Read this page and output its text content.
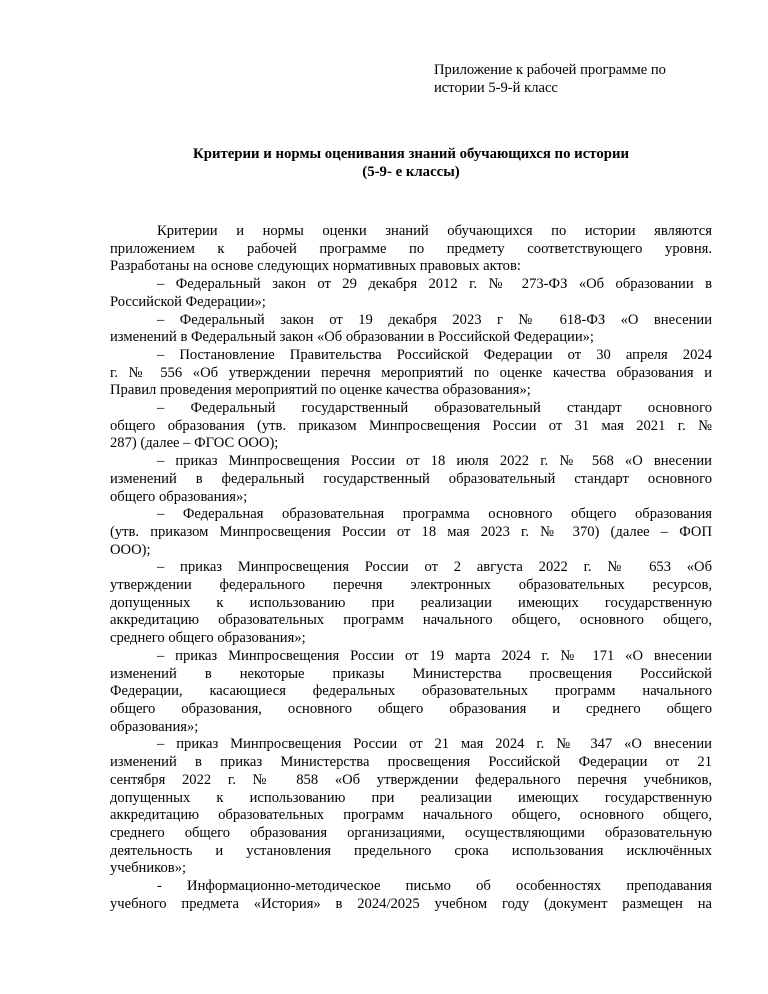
Приложение к рабочей программе по
истории 5-9-й класс
Критерии и нормы оценивания знаний обучающихся по истории
(5-9- е классы)
Критерии и нормы оценки знаний обучающихся по истории являются
приложением к рабочей программе по предмету соответствующего уровня.
Разработаны на основе следующих нормативных правовых актов:
– Федеральный закон от 29 декабря 2012 г. № 273-ФЗ «Об образовании в
Российской Федерации»;
– Федеральный закон от 19 декабря 2023 г № 618-ФЗ «О внесении
изменений в Федеральный закон «Об образовании в Российской Федерации»;
– Постановление Правительства Российской Федерации от 30 апреля 2024
г. № 556 «Об утверждении перечня мероприятий по оценке качества образования и
Правил проведения мероприятий по оценке качества образования»;
– Федеральный государственный образовательный стандарт основного
общего образования (утв. приказом Минпросвещения России от 31 мая 2021 г. №
287) (далее – ФГОС ООО);
– приказ Минпросвещения России от 18 июля 2022 г. № 568 «О внесении
изменений в федеральный государственный образовательный стандарт основного
общего образования»;
– Федеральная образовательная программа основного общего образования
(утв. приказом Минпросвещения России от 18 мая 2023 г. № 370) (далее – ФОП
ООО);
– приказ Минпросвещения России от 2 августа 2022 г. № 653 «Об
утверждении федерального перечня электронных образовательных ресурсов,
допущенных к использованию при реализации имеющих государственную
аккредитацию образовательных программ начального общего, основного общего,
среднего общего образования»;
– приказ Минпросвещения России от 19 марта 2024 г. № 171 «О внесении
изменений в некоторые приказы Министерства просвещения Российской
Федерации, касающиеся федеральных образовательных программ начального
общего образования, основного общего образования и среднего общего
образования»;
– приказ Минпросвещения России от 21 мая 2024 г. № 347 «О внесении
изменений в приказ Министерства просвещения Российской Федерации от 21
сентября 2022 г. № 858 «Об утверждении федерального перечня учебников,
допущенных к использованию при реализации имеющих государственную
аккредитацию образовательных программ начального общего, основного общего,
среднего общего образования организациями, осуществляющими образовательную
деятельность и установления предельного срока использования исключённых
учебников»;
- Информационно-методическое письмо об особенностях преподавания
учебного предмета «История» в 2024/2025 учебном году (документ размещен на
